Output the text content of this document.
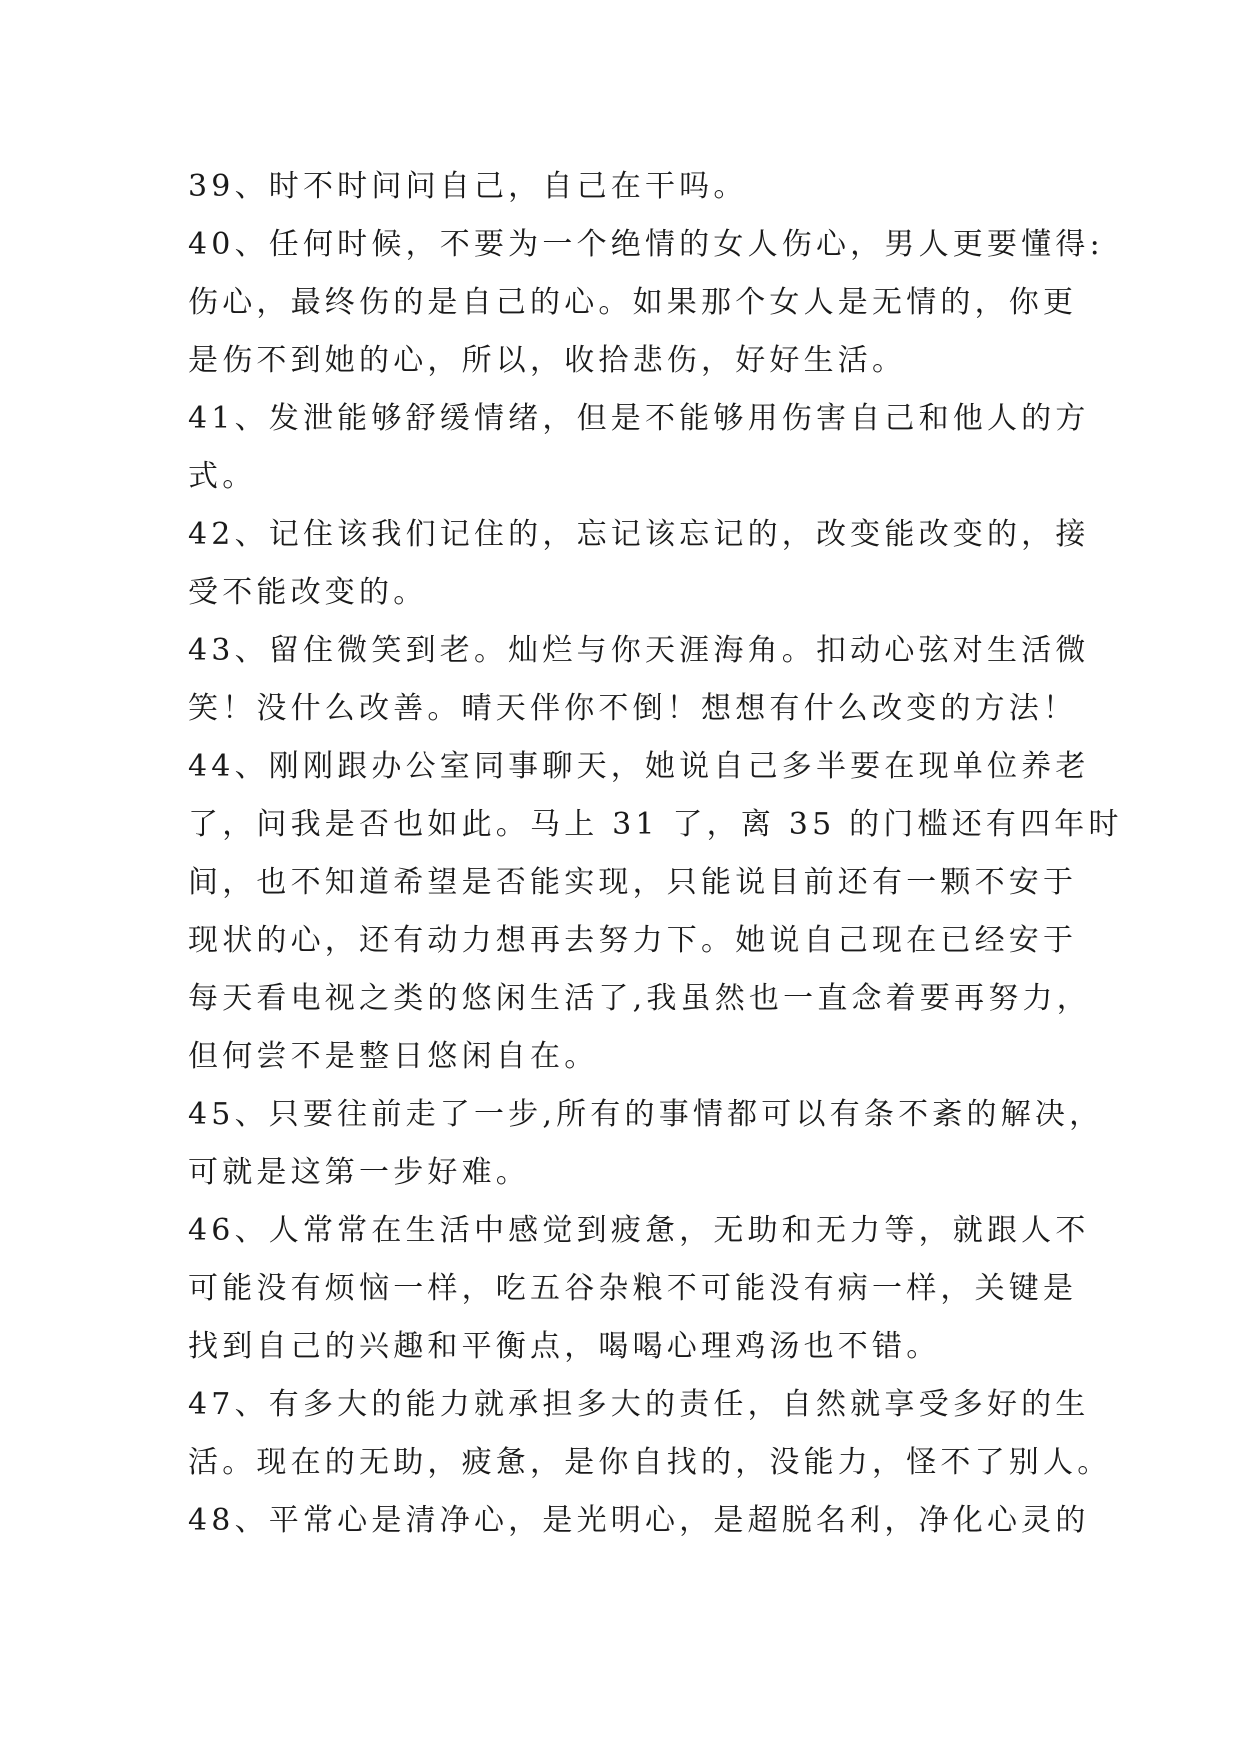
39、时不时问问自己，自己在干吗。
40、任何时候，不要为一个绝情的女人伤心，男人更要懂得:
伤心，最终伤的是自己的心。如果那个女人是无情的，你更
是伤不到她的心，所以，收拾悲伤，好好生活。
41、发泄能够舒缓情绪，但是不能够用伤害自己和他人的方
式。
42、记住该我们记住的，忘记该忘记的，改变能改变的，接
受不能改变的。
43、留住微笑到老。灿烂与你天涯海角。扣动心弦对生活微
笑！没什么改善。晴天伴你不倒！想想有什么改变的方法！
44、刚刚跟办公室同事聊天，她说自己多半要在现单位养老
了，问我是否也如此。马上 31 了，离 35 的门槛还有四年时
间，也不知道希望是否能实现，只能说目前还有一颗不安于
现状的心，还有动力想再去努力下。她说自己现在已经安于
每天看电视之类的悠闲生活了,我虽然也一直念着要再努力，
但何尝不是整日悠闲自在。
45、只要往前走了一步,所有的事情都可以有条不紊的解决，
可就是这第一步好难。
46、人常常在生活中感觉到疲惫，无助和无力等，就跟人不
可能没有烦恼一样，吃五谷杂粮不可能没有病一样，关键是
找到自己的兴趣和平衡点，喝喝心理鸡汤也不错。
47、有多大的能力就承担多大的责任，自然就享受多好的生
活。现在的无助，疲惫，是你自找的，没能力，怪不了别人。
48、平常心是清净心，是光明心，是超脱名利，净化心灵的
